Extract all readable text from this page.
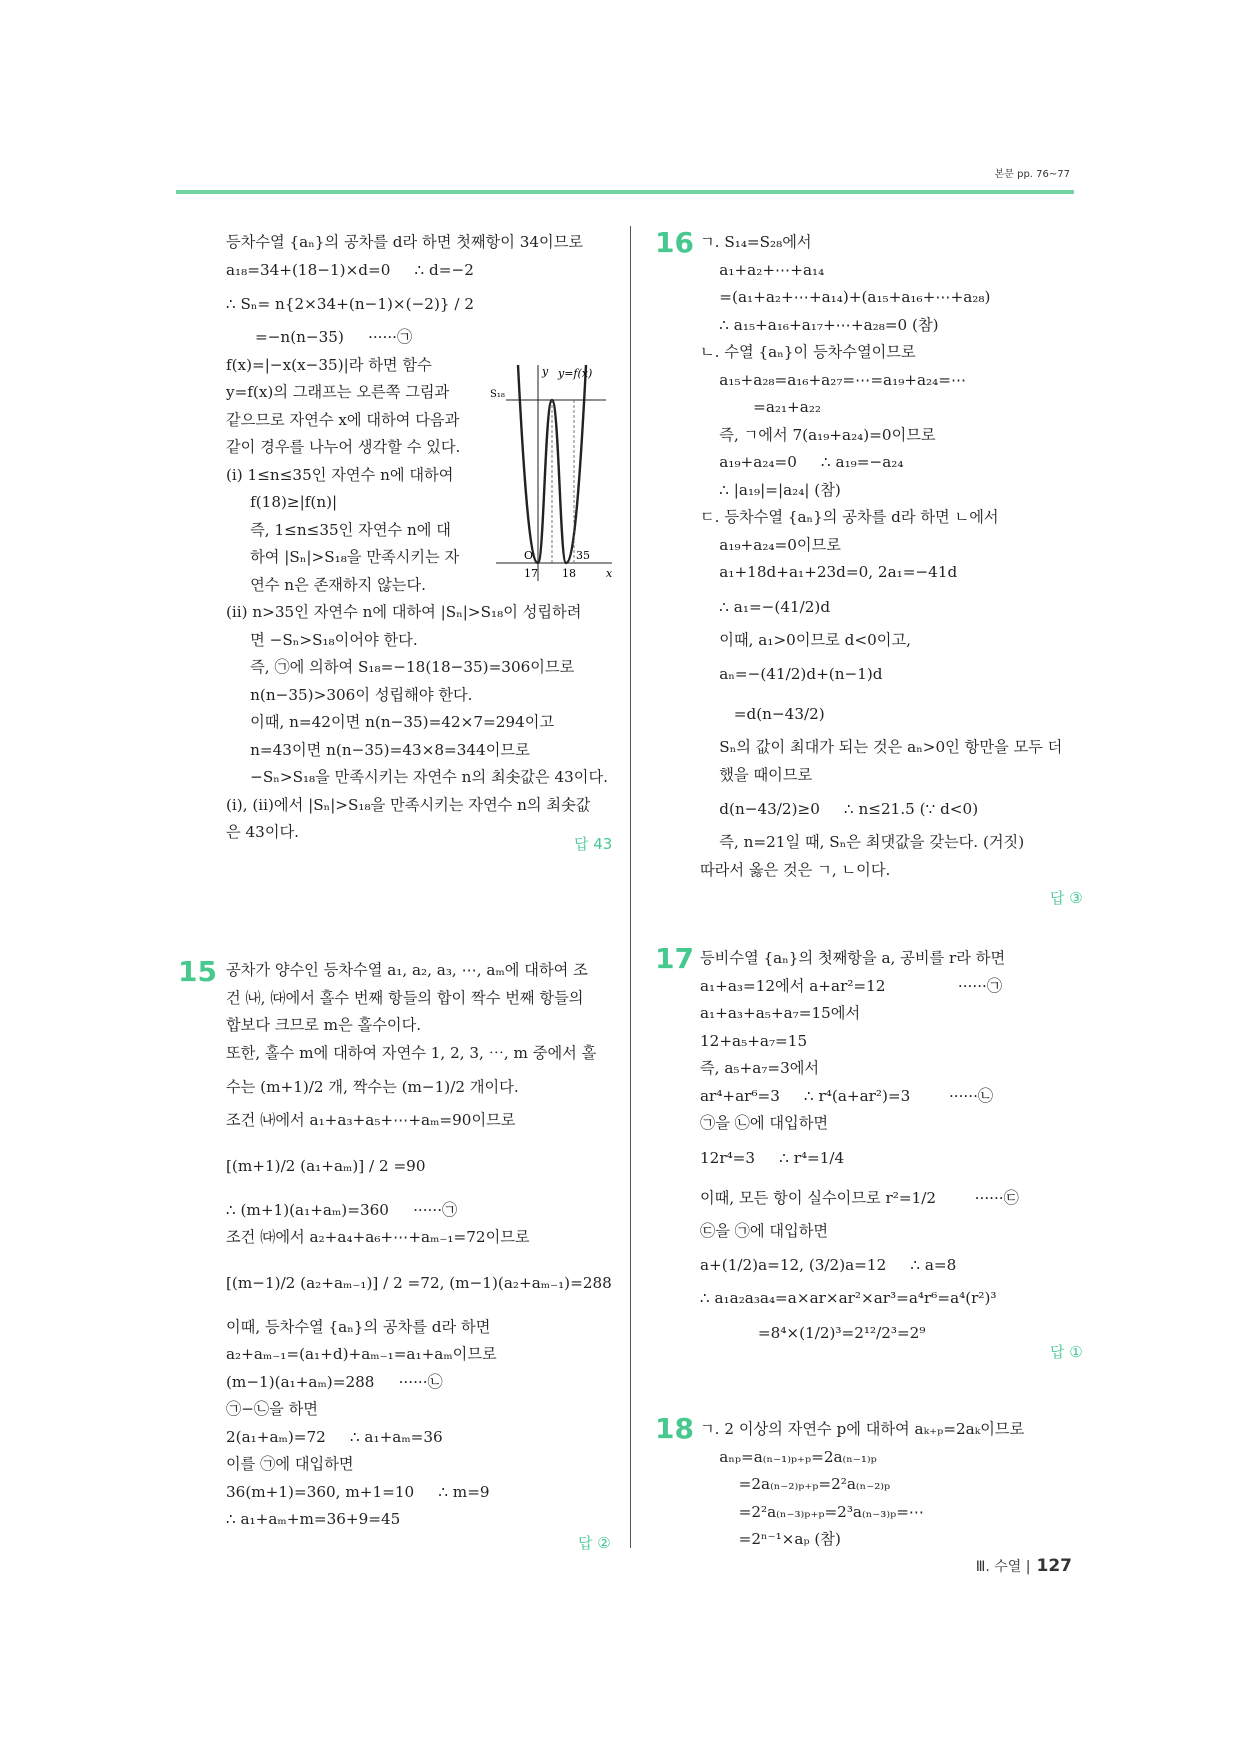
본문 pp. 76~77
등차수열 {aₙ}의 공차를 d라 하면 첫째항이 34이므로
a₁₈=34+(18−1)×d=0     ∴ d=−2
∴ Sₙ= n{2×34+(n−1)×(−2)} / 2
=−n(n−35)     ······㉠
f(x)=|−x(x−35)|라 하면 함수
y=f(x)의 그래프는 오른쪽 그림과
같으므로 자연수 x에 대하여 다음과
같이 경우를 나누어 생각할 수 있다.
(ⅰ) 1≤n≤35인 자연수 n에 대하여
f(18)≥|f(n)|
즉, 1≤n≤35인 자연수 n에 대
하여 |Sₙ|>S₁₈을 만족시키는 자
연수 n은 존재하지 않는다.
(ⅱ) n>35인 자연수 n에 대하여 |Sₙ|>S₁₈이 성립하려
면 −Sₙ>S₁₈이어야 한다.
즉, ㉠에 의하여 S₁₈=−18(18−35)=306이므로
n(n−35)>306이 성립해야 한다.
이때, n=42이면 n(n−35)=42×7=294이고
n=43이면 n(n−35)=43×8=344이므로
−Sₙ>S₁₈을 만족시키는 자연수 n의 최솟값은 43이다.
(ⅰ), (ⅱ)에서 |Sₙ|>S₁₈을 만족시키는 자연수 n의 최솟값
은 43이다.
답 43
y y=f(x)
S₁₈
O	35
17 18	x
15 공차가 양수인 등차수열 a₁, a₂, a₃, ⋯, aₘ에 대하여 조
건 ㈏, ㈐에서 홀수 번째 항들의 합이 짝수 번째 항들의
합보다 크므로 m은 홀수이다.
또한, 홀수 m에 대하여 자연수 1, 2, 3, ⋯, m 중에서 홀
수는 (m+1)/2 개, 짝수는 (m−1)/2 개이다.
조건 ㈏에서 a₁+a₃+a₅+⋯+aₘ=90이므로
[(m+1)/2 (a₁+aₘ)] / 2 =90
∴ (m+1)(a₁+aₘ)=360     ······㉠
조건 ㈐에서 a₂+a₄+a₆+⋯+aₘ₋₁=72이므로
[(m−1)/2 (a₂+aₘ₋₁)] / 2 =72, (m−1)(a₂+aₘ₋₁)=288
이때, 등차수열 {aₙ}의 공차를 d라 하면
a₂+aₘ₋₁=(a₁+d)+aₘ₋₁=a₁+aₘ이므로
(m−1)(a₁+aₘ)=288     ······㉡
㉠−㉡을 하면
2(a₁+aₘ)=72     ∴ a₁+aₘ=36
이를 ㉠에 대입하면
36(m+1)=360, m+1=10     ∴ m=9
∴ a₁+aₘ+m=36+9=45
답 ②
16 ㄱ. S₁₄=S₂₈에서
a₁+a₂+⋯+a₁₄
=(a₁+a₂+⋯+a₁₄)+(a₁₅+a₁₆+⋯+a₂₈)
∴ a₁₅+a₁₆+a₁₇+⋯+a₂₈=0 (참)
ㄴ. 수열 {aₙ}이 등차수열이므로
a₁₅+a₂₈=a₁₆+a₂₇=⋯=a₁₉+a₂₄=⋯
=a₂₁+a₂₂
즉, ㄱ에서 7(a₁₉+a₂₄)=0이므로
a₁₉+a₂₄=0     ∴ a₁₉=−a₂₄
∴ |a₁₉|=|a₂₄| (참)
ㄷ. 등차수열 {aₙ}의 공차를 d라 하면 ㄴ에서
a₁₉+a₂₄=0이므로
a₁+18d+a₁+23d=0, 2a₁=−41d
∴ a₁=−(41/2)d
이때, a₁>0이므로 d<0이고,
aₙ=−(41/2)d+(n−1)d
=d(n−43/2)
Sₙ의 값이 최대가 되는 것은 aₙ>0인 항만을 모두 더
했을 때이므로
d(n−43/2)≥0     ∴ n≤21.5 (∵ d<0)
즉, n=21일 때, Sₙ은 최댓값을 갖는다. (거짓)
따라서 옳은 것은 ㄱ, ㄴ이다.
답 ③
17 등비수열 {aₙ}의 첫째항을 a, 공비를 r라 하면
a₁+a₃=12에서 a+ar²=12               ······㉠
a₁+a₃+a₅+a₇=15에서
12+a₅+a₇=15
즉, a₅+a₇=3에서
ar⁴+ar⁶=3     ∴ r⁴(a+ar²)=3        ······㉡
㉠을 ㉡에 대입하면
12r⁴=3     ∴ r⁴=1/4
이때, 모든 항이 실수이므로 r²=1/2        ······㉢
㉢을 ㉠에 대입하면
a+(1/2)a=12, (3/2)a=12     ∴ a=8
∴ a₁a₂a₃a₄=a×ar×ar²×ar³=a⁴r⁶=a⁴(r²)³
=8⁴×(1/2)³=2¹²/2³=2⁹
답 ①
18 ㄱ. 2 이상의 자연수 p에 대하여 aₖ₊ₚ=2aₖ이므로
aₙₚ=a₍ₙ₋₁₎ₚ₊ₚ=2a₍ₙ₋₁₎ₚ
=2a₍ₙ₋₂₎ₚ₊ₚ=2²a₍ₙ₋₂₎ₚ
=2²a₍ₙ₋₃₎ₚ₊ₚ=2³a₍ₙ₋₃₎ₚ=⋯
=2ⁿ⁻¹×aₚ (참)
Ⅲ. 수열 | 127
